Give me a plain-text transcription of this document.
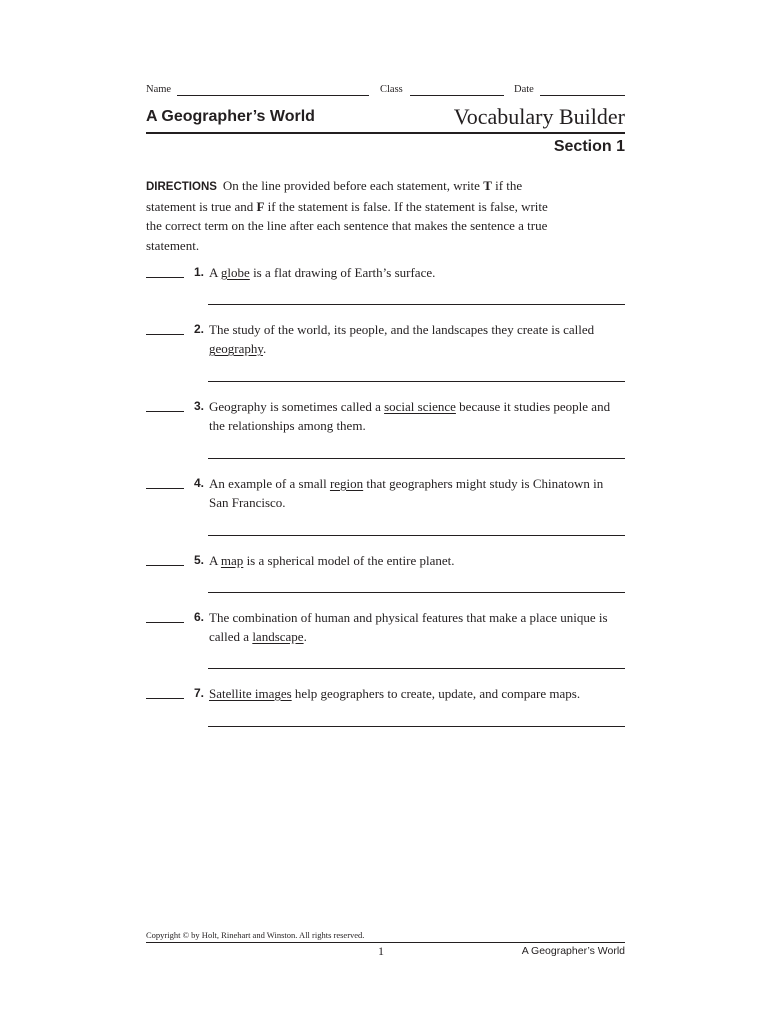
Name	Class	Date
A Geographer’s World	Vocabulary Builder
Section 1
DIRECTIONS On the line provided before each statement, write T if the statement is true and F if the statement is false. If the statement is false, write the correct term on the line after each sentence that makes the sentence a true statement.
1. A globe is a flat drawing of Earth’s surface.
2. The study of the world, its people, and the landscapes they create is called geography.
3. Geography is sometimes called a social science because it studies people and the relationships among them.
4. An example of a small region that geographers might study is Chinatown in San Francisco.
5. A map is a spherical model of the entire planet.
6. The combination of human and physical features that make a place unique is called a landscape.
7. Satellite images help geographers to create, update, and compare maps.
Copyright © by Holt, Rinehart and Winston. All rights reserved.
1	A Geographer’s World
